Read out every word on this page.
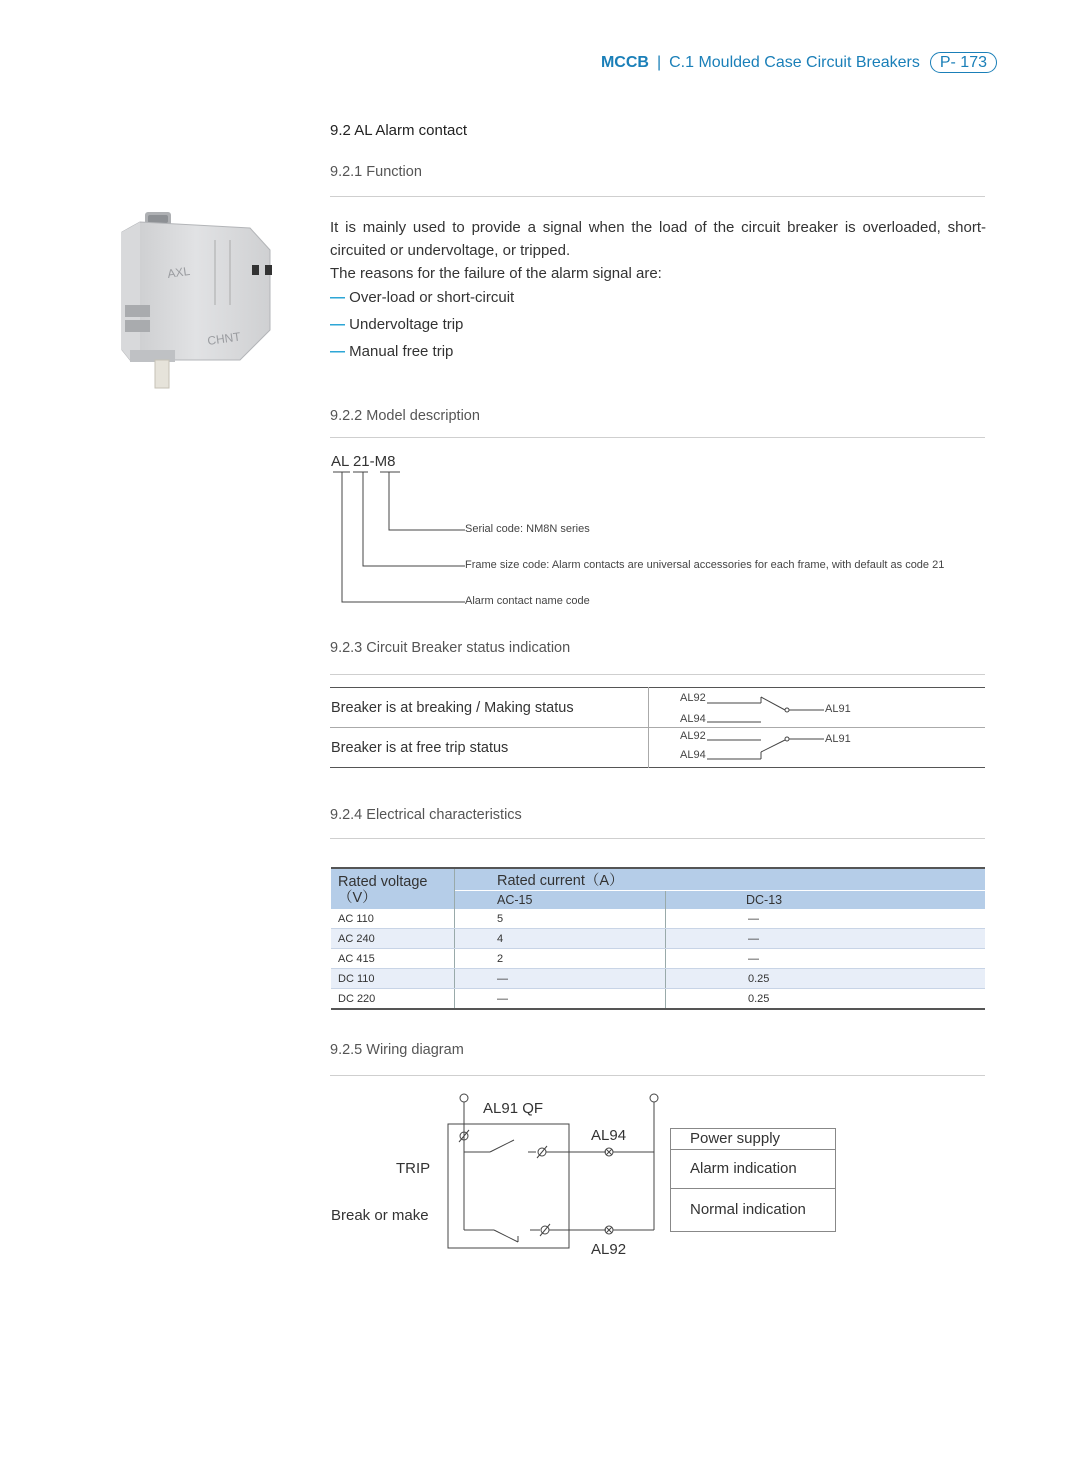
MCCB | C.1 Moulded Case Circuit Breakers	P- 173
9.2 AL Alarm contact
9.2.1 Function
It is mainly used to provide a signal when the load of the circuit breaker is overloaded, short-circuited or undervoltage, or tripped.
The reasons for the failure of the alarm signal are:
— Over-load or short-circuit
— Undervoltage trip
— Manual free trip
AXL
CHNT
9.2.2 Model description
AL 21-M8
Serial code: NM8N series
Frame size code: Alarm contacts are universal accessories for each frame, with default as code 21
Alarm contact name code
9.2.3 Circuit Breaker status indication
Breaker is at breaking / Making status	AL92
AL94
AL91

Breaker is at free trip status	AL92
AL94
AL91
9.2.4 Electrical characteristics
Rated voltage（V）	Rated current（A）	
	AC-15	DC-13
AC 110	5	—
AC 240	4	—
AC 415	2	—
DC 110	—	0.25
DC 220	—	0.25
9.2.5 Wiring diagram
AL91 QF
AL94
AL92
TRIP
Break or make
Power supply
Alarm indication
Normal indication
